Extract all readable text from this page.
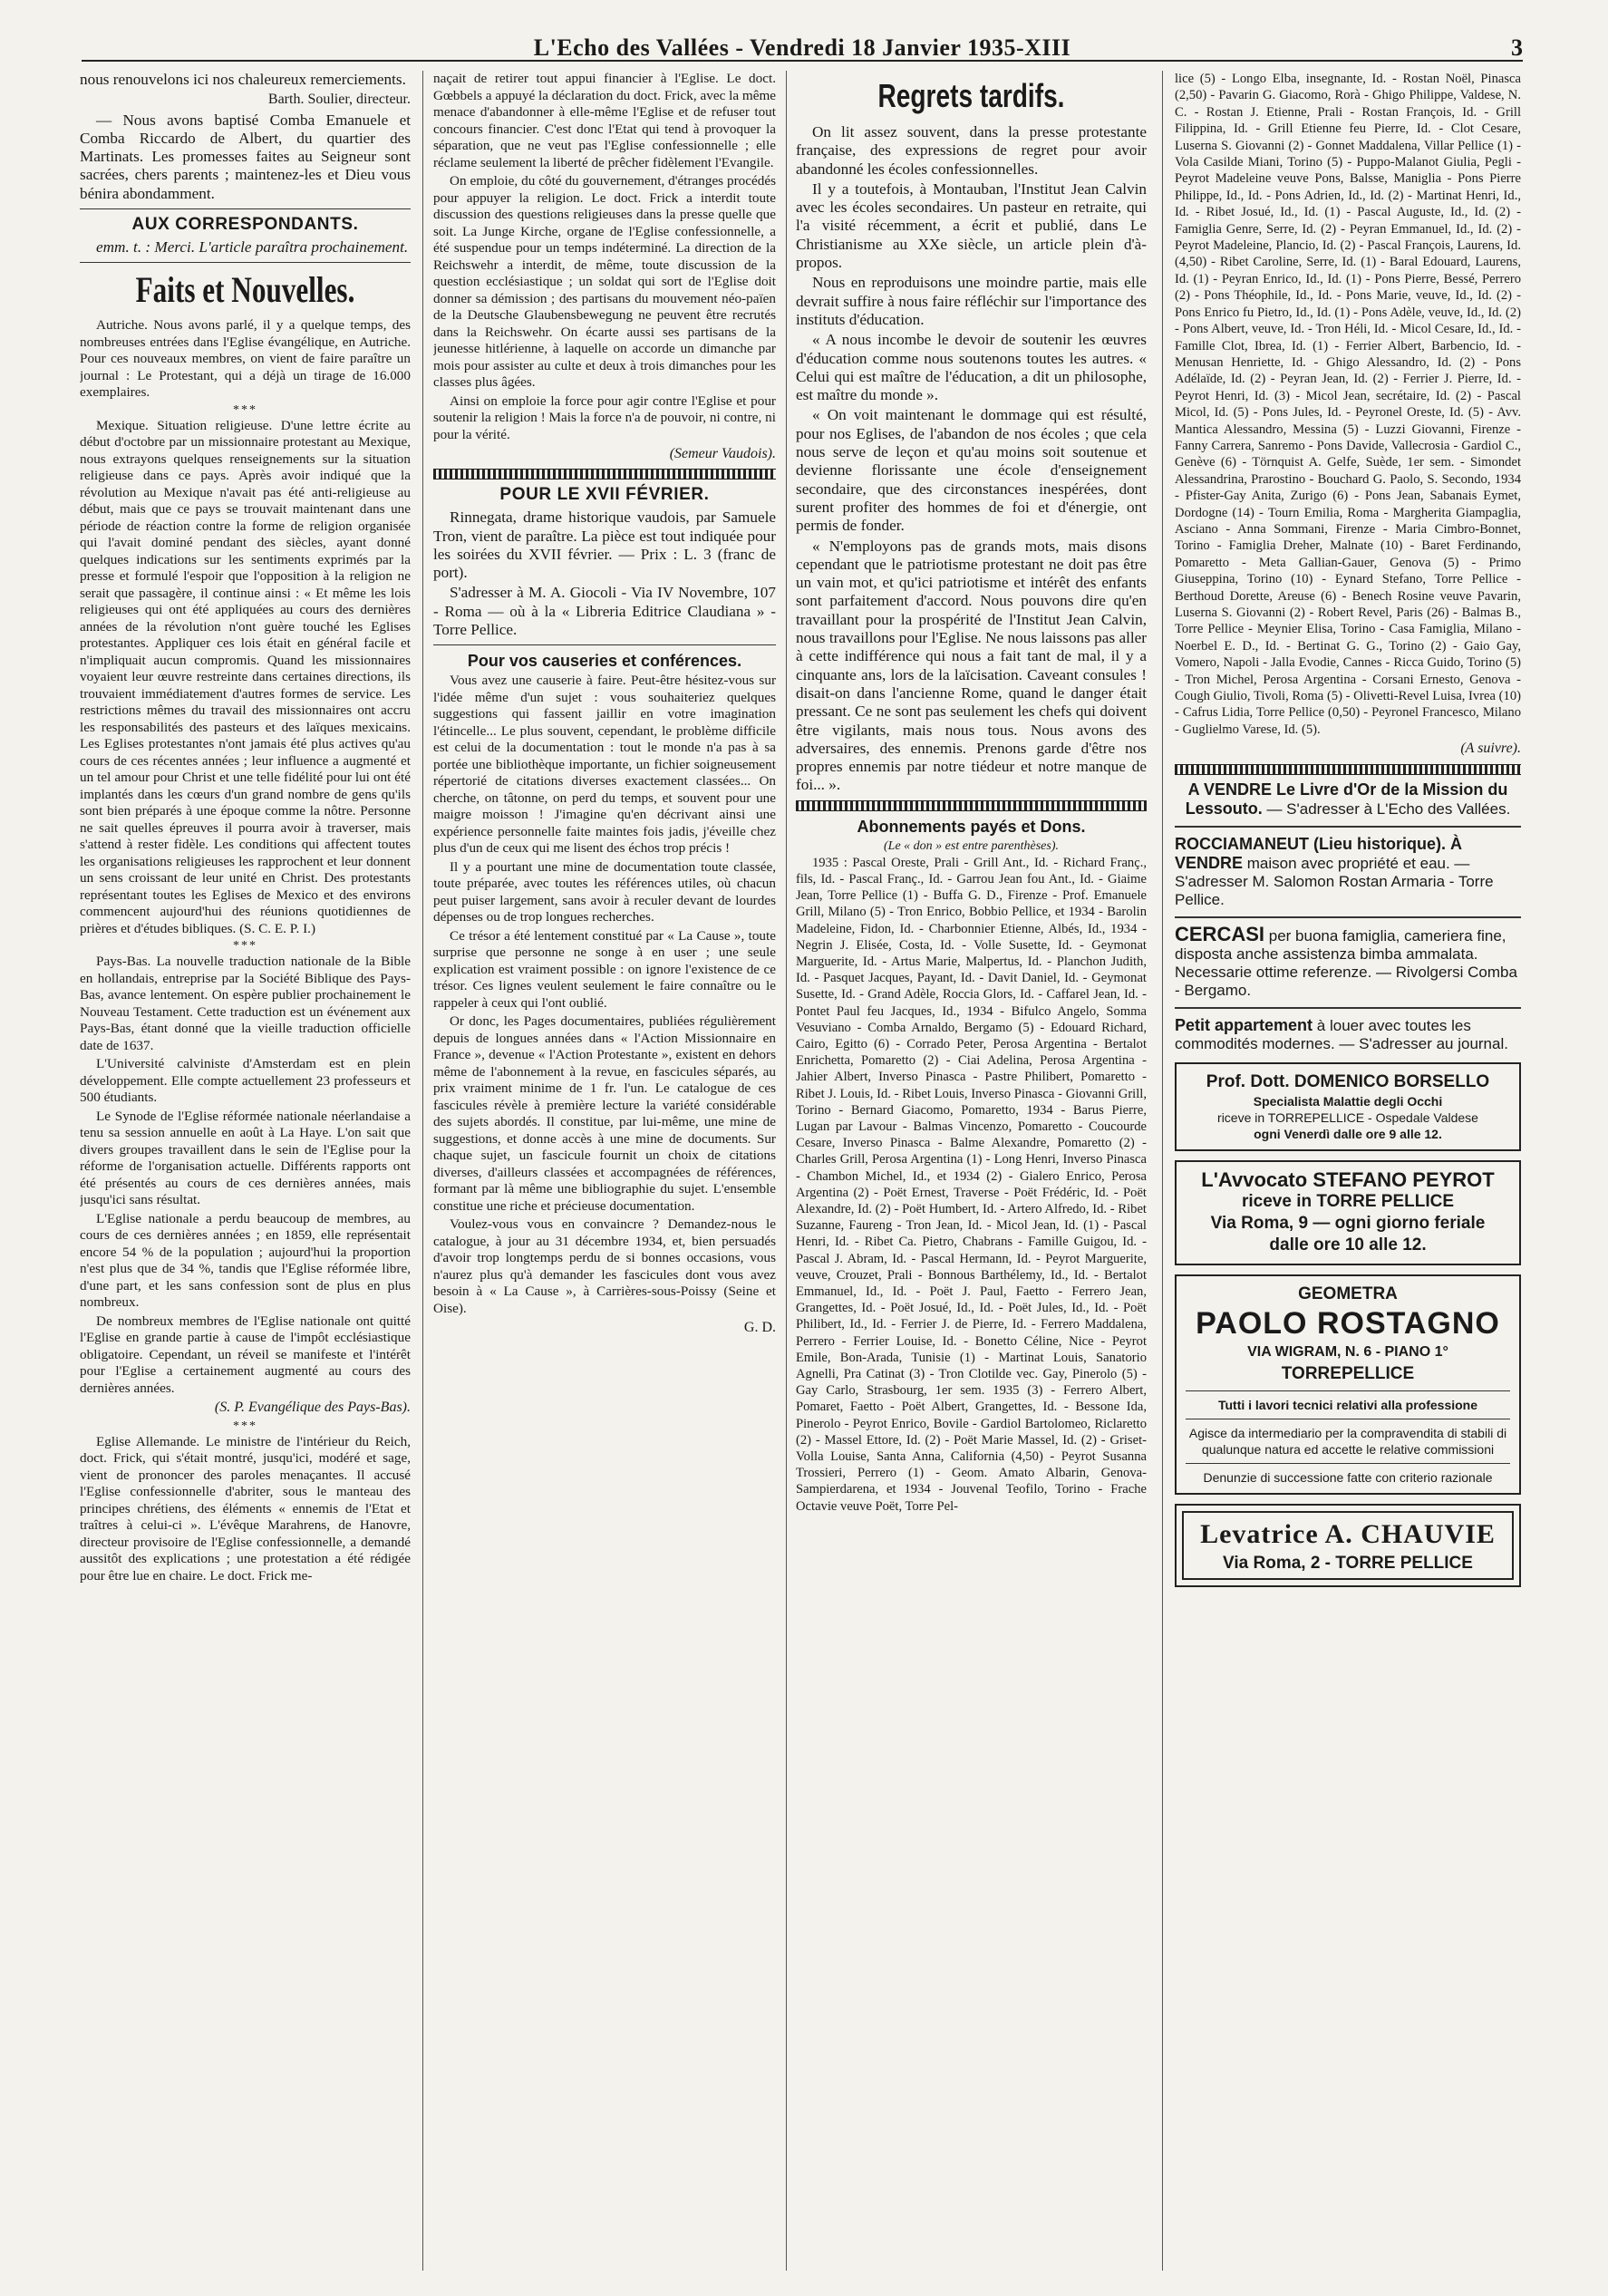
L'Echo des Vallées - Vendredi 18 Janvier 1935-XIII	3

nous renouvelons ici nos chaleureux remerciements.

Barth. Soulier, directeur.

— Nous avons baptisé Comba Emanuele et Comba Riccardo de Albert, du quartier des Martinats. Les promesses faites au Seigneur sont sacrées, chers parents ; maintenez-les et Dieu vous bénira abondamment.

AUX CORRESPONDANTS.

emm. t. : Merci. L'article paraîtra prochainement.

Faits et Nouvelles.

Autriche. Nous avons parlé, il y a quelque temps, des nombreuses entrées dans l'Eglise évangélique, en Autriche. Pour ces nouveaux membres, on vient de faire paraître un journal : Le Protestant, qui a déjà un tirage de 16.000 exemplaires.

***

Mexique. Situation religieuse. D'une lettre écrite au début d'octobre par un missionnaire protestant au Mexique, nous extrayons quelques renseignements sur la situation religieuse dans ce pays. Après avoir indiqué que la révolution au Mexique n'avait pas été anti-religieuse au début, mais que ce pays se trouvait maintenant dans une période de réaction contre la forme de religion organisée qui l'avait dominé pendant des siècles, ayant donné quelques indications sur les sentiments exprimés par la presse et formulé l'espoir que l'opposition à la religion ne serait que passagère, il continue ainsi : « Et même les lois religieuses qui ont été appliquées au cours des dernières années de la révolution n'ont guère touché les Eglises protestantes. Appliquer ces lois était en général facile et n'impliquait aucun compromis. Quand les missionnaires voyaient leur œuvre restreinte dans certaines directions, ils trouvaient immédiatement d'autres formes de service. Les restrictions mêmes du travail des missionnaires ont accru les responsabilités des pasteurs et des laïques mexicains. Les Eglises protestantes n'ont jamais été plus actives qu'au cours de ces récentes années ; leur influence a augmenté et un tel amour pour Christ et une telle fidélité pour lui ont été implantés dans les cœurs d'un grand nombre de gens qu'ils sont bien préparés à une époque comme la nôtre. Personne ne sait quelles épreuves il pourra avoir à traverser, mais s'attend à rester fidèle. Les conditions qui affectent toutes les organisations religieuses les rapprochent et leur donnent un sens croissant de leur unité en Christ. Des protestants représentant toutes les Eglises de Mexico et des environs commencent aujourd'hui des réunions quotidiennes de prières et d'études bibliques. (S. C. E. P. I.)

***

Pays-Bas. La nouvelle traduction nationale de la Bible en hollandais, entreprise par la Société Biblique des Pays-Bas, avance lentement. On espère publier prochainement le Nouveau Testament. Cette traduction est un événement aux Pays-Bas, étant donné que la vieille traduction officielle date de 1637.

L'Université calviniste d'Amsterdam est en plein développement. Elle compte actuellement 23 professeurs et 500 étudiants.

Le Synode de l'Eglise réformée nationale néerlandaise a tenu sa session annuelle en août à La Haye. L'on sait que divers groupes travaillent dans le sein de l'Eglise pour la réforme de l'organisation actuelle. Différents rapports ont été présentés au cours de ces dernières années, mais jusqu'ici sans résultat.

L'Eglise nationale a perdu beaucoup de membres, au cours de ces dernières années ; en 1859, elle représentait encore 54 % de la population ; aujourd'hui la proportion n'est plus que de 34 %, tandis que l'Eglise réformée libre, d'une part, et les sans confession sont de plus en plus nombreux.

De nombreux membres de l'Eglise nationale ont quitté l'Eglise en grande partie à cause de l'impôt ecclésiastique obligatoire. Cependant, un réveil se manifeste et l'intérêt pour l'Eglise a certainement augmenté au cours des dernières années.

(S. P. Evangélique des Pays-Bas).
***

Eglise Allemande. Le ministre de l'intérieur du Reich, doct. Frick, qui s'était montré, jusqu'ici, modéré et sage, vient de prononcer des paroles menaçantes. Il accusé l'Eglise confessionnelle d'abriter, sous le manteau des principes chrétiens, des éléments « ennemis de l'Etat et traîtres à celui-ci ». L'évêque Marahrens, de Hanovre, directeur provisoire de l'Eglise confessionnelle, a demandé aussitôt des explications ; une protestation a été rédigée pour être lue en chaire. Le doct. Frick me-

naçait de retirer tout appui financier à l'Eglise. Le doct. Gœbbels a appuyé la déclaration du doct. Frick, avec la même menace d'abandonner à elle-même l'Eglise et de refuser tout concours financier. C'est donc l'Etat qui tend à provoquer la séparation, que ne veut pas l'Eglise confessionnelle ; elle réclame seulement la liberté de prêcher fidèlement l'Evangile.

On emploie, du côté du gouvernement, d'étranges procédés pour appuyer la religion. Le doct. Frick a interdit toute discussion des questions religieuses dans la presse quelle que soit. La Junge Kirche, organe de l'Eglise confessionnelle, a été suspendue pour un temps indéterminé. La direction de la Reichswehr a interdit, de même, toute discussion de la question ecclésiastique ; un soldat qui sort de l'Eglise doit donner sa démission ; des partisans du mouvement néo-païen de la Deutsche Glaubensbewegung ne peuvent être recrutés dans la Reichswehr. On écarte aussi ses partisans de la jeunesse hitlérienne, à laquelle on accorde un dimanche par mois pour assister au culte et deux à trois dimanches pour les classes plus âgées.

Ainsi on emploie la force pour agir contre l'Eglise et pour soutenir la religion ! Mais la force n'a de pouvoir, ni contre, ni pour la vérité.

(Semeur Vaudois).
POUR LE XVII FÉVRIER.

Rinnegata, drame historique vaudois, par Samuele Tron, vient de paraître. La pièce est tout indiquée pour les soirées du XVII février. — Prix : L. 3 (franc de port).

S'adresser à M. A. Giocoli - Via IV Novembre, 107 - Roma — où à la « Libreria Editrice Claudiana » - Torre Pellice.

Pour vos causeries et conférences.

Vous avez une causerie à faire. Peut-être hésitez-vous sur l'idée même d'un sujet : vous souhaiteriez quelques suggestions qui fassent jaillir en votre imagination l'étincelle... Le plus souvent, cependant, le problème difficile est celui de la documentation : tout le monde n'a pas à sa portée une bibliothèque importante, un fichier soigneusement répertorié de citations diverses exactement classées... On cherche, on tâtonne, on perd du temps, et souvent pour une maigre moisson ! J'imagine qu'en décrivant ainsi une expérience personnelle faite maintes fois jadis, j'éveille chez plus d'un de ceux qui me lisent des échos trop précis !

Il y a pourtant une mine de documentation toute classée, toute préparée, avec toutes les références utiles, où chacun peut puiser largement, sans avoir à reculer devant de lourdes dépenses ou de trop longues recherches.

Ce trésor a été lentement constitué par « La Cause », toute surprise que personne ne songe à en user ; une seule explication est vraiment possible : on ignore l'existence de ce trésor. Ces lignes veulent seulement le faire connaître ou le rappeler à ceux qui l'ont oublié.

Or donc, les Pages documentaires, publiées régulièrement depuis de longues années dans « l'Action Missionnaire en France », devenue « l'Action Protestante », existent en dehors même de l'abonnement à la revue, en fascicules séparés, au prix vraiment minime de 1 fr. l'un. Le catalogue de ces fascicules révèle à première lecture la variété considérable des sujets abordés. Il constitue, par lui-même, une mine de suggestions, et donne accès à une mine de documents. Sur chaque sujet, un fascicule fournit un choix de citations diverses, d'ailleurs classées et accompagnées de références, formant par là même une bibliographie du sujet. L'ensemble constitue une riche et précieuse documentation.

Voulez-vous vous en convaincre ? Demandez-nous le catalogue, à jour au 31 décembre 1934, et, bien persuadés d'avoir trop longtemps perdu de si bonnes occasions, vous n'aurez plus qu'à demander les fascicules dont vous avez besoin à « La Cause », à Carrières-sous-Poissy (Seine et Oise).

G. D.
Regrets tardifs.

On lit assez souvent, dans la presse protestante française, des expressions de regret pour avoir abandonné les écoles confessionnelles.

Il y a toutefois, à Montauban, l'Institut Jean Calvin avec les écoles secondaires. Un pasteur en retraite, qui l'a visité récemment, a écrit et publié, dans Le Christianisme au XXe siècle, un article plein d'à-propos.

Nous en reproduisons une moindre partie, mais elle devrait suffire à nous faire réfléchir sur l'importance des instituts d'éducation.

« A nous incombe le devoir de soutenir les œuvres d'éducation comme nous soutenons toutes les autres. « Celui qui est maître de l'éducation, a dit un philosophe, est maître du monde ».

« On voit maintenant le dommage qui est résulté, pour nos Eglises, de l'abandon de nos écoles ; que cela nous serve de leçon et qu'au moins soit soutenue et devienne florissante une école d'enseignement secondaire, que des circonstances inespérées, dont surent profiter des hommes de foi et d'énergie, ont permis de fonder.

« N'employons pas de grands mots, mais disons cependant que le patriotisme protestant ne doit pas être un vain mot, et qu'ici patriotisme et intérêt des enfants sont parfaitement d'accord. Nous pouvons dire qu'en travaillant pour la prospérité de l'Institut Jean Calvin, nous travaillons pour l'Eglise. Ne nous laissons pas aller à cette indifférence qui nous a fait tant de mal, il y a cinquante ans, lors de la laïcisation. Caveant consules ! disait-on dans l'ancienne Rome, quand le danger était pressant. Ce ne sont pas seulement les chefs qui doivent être vigilants, mais nous tous. Nous avons des adversaires, des ennemis. Prenons garde d'être nos propres ennemis par notre tiédeur et notre manque de foi... ».

Abonnements payés et Dons.
(Le « don » est entre parenthèses).

1935 : Pascal Oreste, Prali - Grill Ant., Id. - Richard Franç., fils, Id. - Pascal Franç., Id. - Garrou Jean fou Ant., Id. - Giaime Jean, Torre Pellice (1) - Buffa G. D., Firenze - Prof. Emanuele Grill, Milano (5) - Tron Enrico, Bobbio Pellice, et 1934 - Barolin Madeleine, Fidon, Id. - Charbonnier Etienne, Albés, Id., 1934 - Negrin J. Elisée, Costa, Id. - Volle Susette, Id. - Geymonat Marguerite, Id. - Artus Marie, Malpertus, Id. - Planchon Judith, Id. - Pasquet Jacques, Payant, Id. - Davit Daniel, Id. - Geymonat Susette, Id. - Grand Adèle, Roccia Glors, Id. - Caffarel Jean, Id. - Pontet Paul feu Jacques, Id., 1934 - Bifulco Angelo, Somma Vesuviano - Comba Arnaldo, Bergamo (5) - Edouard Richard, Cairo, Egitto (6) - Corrado Peter, Perosa Argentina - Bertalot Enrichetta, Pomaretto (2) - Ciai Adelina, Perosa Argentina - Jahier Albert, Inverso Pinasca - Pastre Philibert, Pomaretto - Ribet J. Louis, Id. - Ribet Louis, Inverso Pinasca - Giovanni Grill, Torino - Bernard Giacomo, Pomaretto, 1934 - Barus Pierre, Lugan par Lavour - Balmas Vincenzo, Pomaretto - Coucourde Cesare, Inverso Pinasca - Balme Alexandre, Pomaretto (2) - Charles Grill, Perosa Argentina (1) - Long Henri, Inverso Pinasca - Chambon Michel, Id., et 1934 (2) - Gialero Enrico, Perosa Argentina (2) - Poët Ernest, Traverse - Poët Frédéric, Id. - Poët Alexandre, Id. (2) - Poët Humbert, Id. - Artero Alfredo, Id. - Ribet Suzanne, Faureng - Tron Jean, Id. - Micol Jean, Id. (1) - Pascal Henri, Id. - Ribet Ca. Pietro, Chabrans - Famille Guigou, Id. - Pascal J. Abram, Id. - Pascal Hermann, Id. - Peyrot Marguerite, veuve, Crouzet, Prali - Bonnous Barthélemy, Id., Id. - Bertalot Emmanuel, Id., Id. - Poët J. Paul, Faetto - Ferrero Jean, Grangettes, Id. - Poët Josué, Id., Id. - Poët Jules, Id., Id. - Poët Philibert, Id., Id. - Ferrier J. de Pierre, Id. - Ferrero Maddalena, Perrero - Ferrier Louise, Id. - Bonetto Céline, Nice - Peyrot Emile, Bon-Arada, Tunisie (1) - Martinat Louis, Sanatorio Agnelli, Pra Catinat (3) - Tron Clotilde vec. Gay, Pinerolo (5) - Gay Carlo, Strasbourg, 1er sem. 1935 (3) - Ferrero Albert, Pomaret, Faetto - Poët Albert, Grangettes, Id. - Bessone Ida, Pinerolo - Peyrot Enrico, Bovile - Gardiol Bartolomeo, Riclaretto (2) - Massel Ettore, Id. (2) - Poët Marie Massel, Id. (2) - Griset-Volla Louise, Santa Anna, California (4,50) - Peyrot Susanna Trossieri, Perrero (1) - Geom. Amato Albarin, Genova-Sampierdarena, et 1934 - Jouvenal Teofilo, Torino - Frache Octavie veuve Poët, Torre Pel-

lice (5) - Longo Elba, insegnante, Id. - Rostan Noël, Pinasca (2,50) - Pavarin G. Giacomo, Rorà - Ghigo Philippe, Valdese, N. C. - Rostan J. Etienne, Prali - Rostan François, Id. - Grill Filippina, Id. - Grill Etienne feu Pierre, Id. - Clot Cesare, Luserna S. Giovanni (2) - Gonnet Maddalena, Villar Pellice (1) - Vola Casilde Miani, Torino (5) - Puppo-Malanot Giulia, Pegli - Peyrot Madeleine veuve Pons, Balsse, Maniglia - Pons Pierre Philippe, Id., Id. - Pons Adrien, Id., Id. (2) - Martinat Henri, Id., Id. - Ribet Josué, Id., Id. (1) - Pascal Auguste, Id., Id. (2) - Famiglia Genre, Serre, Id. (2) - Peyran Emmanuel, Id., Id. (2) - Peyrot Madeleine, Plancio, Id. (2) - Pascal François, Laurens, Id. (4,50) - Ribet Caroline, Serre, Id. (1) - Baral Edouard, Laurens, Id. (1) - Peyran Enrico, Id., Id. (1) - Pons Pierre, Bessé, Perrero (2) - Pons Théophile, Id., Id. - Pons Marie, veuve, Id., Id. (2) - Pons Enrico fu Pietro, Id., Id. (1) - Pons Adèle, veuve, Id., Id. (2) - Pons Albert, veuve, Id. - Tron Héli, Id. - Micol Cesare, Id., Id. - Famille Clot, Ibrea, Id. (1) - Ferrier Albert, Barbencio, Id. - Menusan Henriette, Id. - Ghigo Alessandro, Id. (2) - Pons Adélaïde, Id. (2) - Peyran Jean, Id. (2) - Ferrier J. Pierre, Id. - Peyrot Henri, Id. (3) - Micol Jean, secrétaire, Id. (2) - Pascal Micol, Id. (5) - Pons Jules, Id. - Peyronel Oreste, Id. (5) - Avv. Mantica Alessandro, Messina (5) - Luzzi Giovanni, Firenze - Fanny Carrera, Sanremo - Pons Davide, Vallecrosia - Gardiol C., Genève (6) - Törnquist A. Gelfe, Suède, 1er sem. - Simondet Alessandrina, Prarostino - Bouchard G. Paolo, S. Secondo, 1934 - Pfister-Gay Anita, Zurigo (6) - Pons Jean, Sabanais Eymet, Dordogne (14) - Tourn Emilia, Roma - Margherita Giampaglia, Asciano - Anna Sommani, Firenze - Maria Cimbro-Bonnet, Torino - Famiglia Dreher, Malnate (10) - Baret Ferdinando, Pomaretto - Meta Gallian-Gauer, Genova (5) - Primo Giuseppina, Torino (10) - Eynard Stefano, Torre Pellice - Berthoud Dorette, Areuse (6) - Benech Rosine veuve Pavarin, Luserna S. Giovanni (2) - Robert Revel, Paris (26) - Balmas B., Torre Pellice - Meynier Elisa, Torino - Casa Famiglia, Milano - Noerbel E. D., Id. - Bertinat G. G., Torino (2) - Gaio Gay, Vomero, Napoli - Jalla Evodie, Cannes - Ricca Guido, Torino (5) - Tron Michel, Perosa Argentina - Corsani Ernesto, Genova - Cough Giulio, Tivoli, Roma (5) - Olivetti-Revel Luisa, Ivrea (10) - Cafrus Lidia, Torre Pellice (0,50) - Peyronel Francesco, Milano - Guglielmo Varese, Id. (5).

(A suivre).
A VENDRE Le Livre d'Or de la Mission du Lessouto. — S'adresser à L'Echo des Vallées.
ROCCIAMANEUT (Lieu historique). À VENDRE maison avec propriété et eau. — S'adresser M. Salomon Rostan Armaria - Torre Pellice.
CERCASI per buona famiglia, cameriera fine, disposta anche assistenza bimba ammalata. Necessarie ottime referenze. — Rivolgersi Comba - Bergamo.
Petit appartement à louer avec toutes les commodités modernes. — S'adresser au journal.
Prof. Dott. DOMENICO BORSELLO
Specialista Malattie degli Occhi
riceve in TORREPELLICE - Ospedale Valdese
ogni Venerdì dalle ore 9 alle 12.
L'Avvocato STEFANO PEYROT
riceve in TORRE PELLICE
Via Roma, 9 — ogni giorno feriale
dalle ore 10 alle 12.
GEOMETRA
PAOLO ROSTAGNO
VIA WIGRAM, N. 6 - PIANO 1°
TORREPELLICE
Tutti i lavori tecnici relativi alla professione
Agisce da intermediario per la compravendita di stabili di qualunque natura ed accette le relative commissioni
Denunzie di successione fatte con criterio razionale
Levatrice A. CHAUVIE
Via Roma, 2 - TORRE PELLICE
